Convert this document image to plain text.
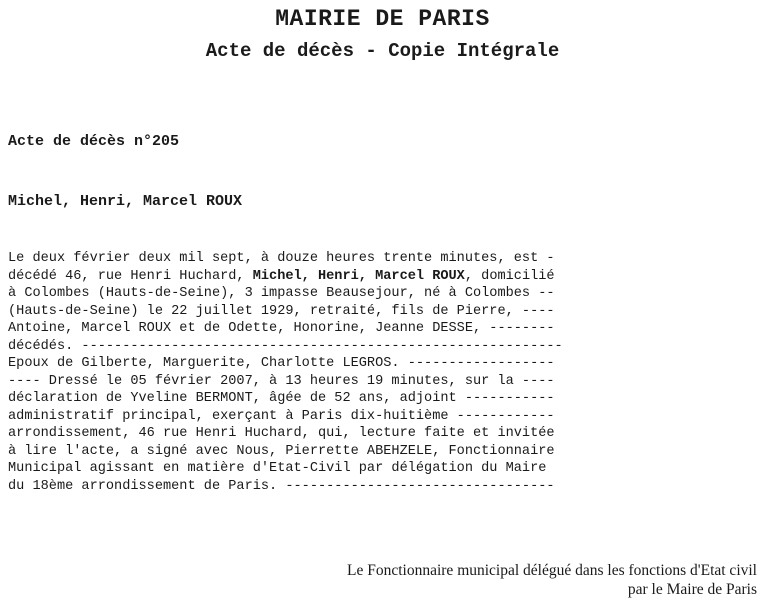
MAIRIE DE PARIS
Acte de décès - Copie Intégrale
Acte de décès n°205
Michel, Henri, Marcel ROUX
Le deux février deux mil sept, à douze heures trente minutes, est -
décédé 46, rue Henri Huchard, Michel, Henri, Marcel ROUX, domicilié
à Colombes (Hauts-de-Seine), 3 impasse Beausejour, né à Colombes --
(Hauts-de-Seine) le 22 juillet 1929, retraité, fils de Pierre, ----
Antoine, Marcel ROUX et de Odette, Honorine, Jeanne DESSE, --------
décédés. -----------------------------------------------------------
Epoux de Gilberte, Marguerite, Charlotte LEGROS. ------------------
---- Dressé le 05 février 2007, à 13 heures 19 minutes, sur la ----
déclaration de Yveline BERMONT, âgée de 52 ans, adjoint -----------
administratif principal, exerçant à Paris dix-huitième ------------
arrondissement, 46 rue Henri Huchard, qui, lecture faite et invitée
à lire l'acte, a signé avec Nous, Pierrette ABEHZELE, Fonctionnaire
Municipal agissant en matière d'Etat-Civil par délégation du Maire
du 18ème arrondissement de Paris. ---------------------------------
Le Fonctionnaire municipal délégué dans les fonctions d'Etat civil
par le Maire de Paris
